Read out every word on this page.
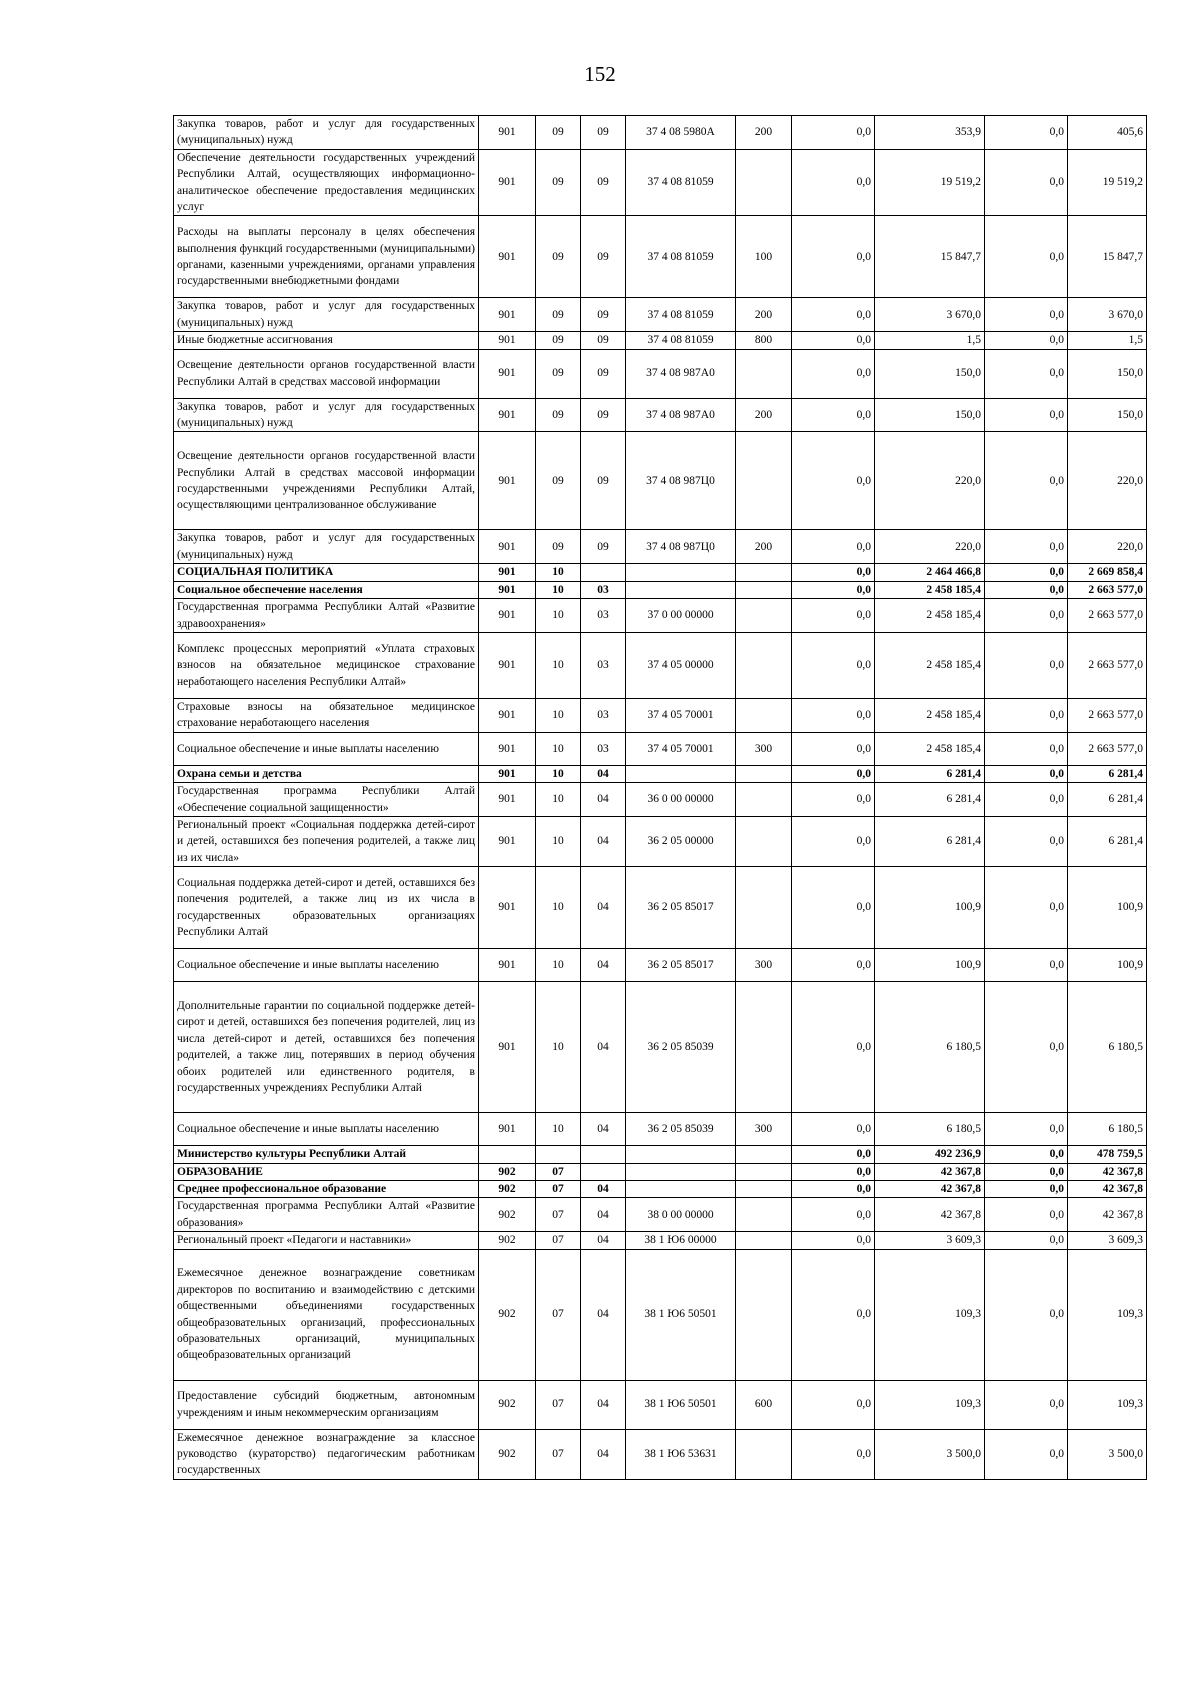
152
Закупка товаров, работ и услуг для государственных (муниципальных) нужд	901	09	09	37 4 08 5980A	200	0,0	353,9	0,0	405,6
Обеспечение деятельности государственных учреждений Республики Алтай, осуществляющих информационно-аналитическое обеспечение предоставления медицинских услуг	901	09	09	37 4 08 81059		0,0	19 519,2	0,0	19 519,2
Расходы на выплаты персоналу в целях обеспечения выполнения функций государственными (муниципальными) органами, казенными учреждениями, органами управления государственными внебюджетными фондами	901	09	09	37 4 08 81059	100	0,0	15 847,7	0,0	15 847,7
Закупка товаров, работ и услуг для государственных (муниципальных) нужд	901	09	09	37 4 08 81059	200	0,0	3 670,0	0,0	3 670,0
Иные бюджетные ассигнования	901	09	09	37 4 08 81059	800	0,0	1,5	0,0	1,5
Освещение деятельности органов государственной власти Республики Алтай в средствах массовой информации	901	09	09	37 4 08 987A0		0,0	150,0	0,0	150,0
Закупка товаров, работ и услуг для государственных (муниципальных) нужд	901	09	09	37 4 08 987A0	200	0,0	150,0	0,0	150,0
Освещение деятельности органов государственной власти Республики Алтай в средствах массовой информации государственными учреждениями Республики Алтай, осуществляющими централизованное обслуживание	901	09	09	37 4 08 987Ц0		0,0	220,0	0,0	220,0
Закупка товаров, работ и услуг для государственных (муниципальных) нужд	901	09	09	37 4 08 987Ц0	200	0,0	220,0	0,0	220,0
СОЦИАЛЬНАЯ ПОЛИТИКА	901	10				0,0	2 464 466,8	0,0	2 669 858,4
Социальное обеспечение населения	901	10	03			0,0	2 458 185,4	0,0	2 663 577,0
Государственная программа Республики Алтай «Развитие здравоохранения»	901	10	03	37 0 00 00000		0,0	2 458 185,4	0,0	2 663 577,0
Комплекс процессных мероприятий «Уплата страховых взносов на обязательное медицинское страхование неработающего населения Республики Алтай»	901	10	03	37 4 05 00000		0,0	2 458 185,4	0,0	2 663 577,0
Страховые взносы на обязательное медицинское страхование неработающего населения	901	10	03	37 4 05 70001		0,0	2 458 185,4	0,0	2 663 577,0
Социальное обеспечение и иные выплаты населению	901	10	03	37 4 05 70001	300	0,0	2 458 185,4	0,0	2 663 577,0
Охрана семьи и детства	901	10	04			0,0	6 281,4	0,0	6 281,4
Государственная программа Республики Алтай «Обеспечение социальной защищенности»	901	10	04	36 0 00 00000		0,0	6 281,4	0,0	6 281,4
Региональный проект «Социальная поддержка детей-сирот и детей, оставшихся без попечения родителей, а также лиц из их числа»	901	10	04	36 2 05 00000		0,0	6 281,4	0,0	6 281,4
Социальная поддержка детей-сирот и детей, оставшихся без попечения родителей, а также лиц из их числа в государственных образовательных организациях Республики Алтай	901	10	04	36 2 05 85017		0,0	100,9	0,0	100,9
Социальное обеспечение и иные выплаты населению	901	10	04	36 2 05 85017	300	0,0	100,9	0,0	100,9
Дополнительные гарантии по социальной поддержке детей-сирот и детей, оставшихся без попечения родителей, лиц из числа детей-сирот и детей, оставшихся без попечения родителей, а также лиц, потерявших в период обучения обоих родителей или единственного родителя, в государственных учреждениях Республики Алтай	901	10	04	36 2 05 85039		0,0	6 180,5	0,0	6 180,5
Социальное обеспечение и иные выплаты населению	901	10	04	36 2 05 85039	300	0,0	6 180,5	0,0	6 180,5
Министерство культуры Республики Алтай						0,0	492 236,9	0,0	478 759,5
ОБРАЗОВАНИЕ	902	07				0,0	42 367,8	0,0	42 367,8
Среднее профессиональное образование	902	07	04			0,0	42 367,8	0,0	42 367,8
Государственная программа Республики Алтай «Развитие образования»	902	07	04	38 0 00 00000		0,0	42 367,8	0,0	42 367,8
Региональный проект «Педагоги и наставники»	902	07	04	38 1 Ю6 00000		0,0	3 609,3	0,0	3 609,3
Ежемесячное денежное вознаграждение советникам директоров по воспитанию и взаимодействию с детскими общественными объединениями государственных общеобразовательных организаций, профессиональных образовательных организаций, муниципальных общеобразовательных организаций	902	07	04	38 1 Ю6 50501		0,0	109,3	0,0	109,3
Предоставление субсидий бюджетным, автономным учреждениям и иным некоммерческим организациям	902	07	04	38 1 Ю6 50501	600	0,0	109,3	0,0	109,3
Ежемесячное денежное вознаграждение за классное руководство (кураторство) педагогическим работникам государственных	902	07	04	38 1 Ю6 53631		0,0	3 500,0	0,0	3 500,0
